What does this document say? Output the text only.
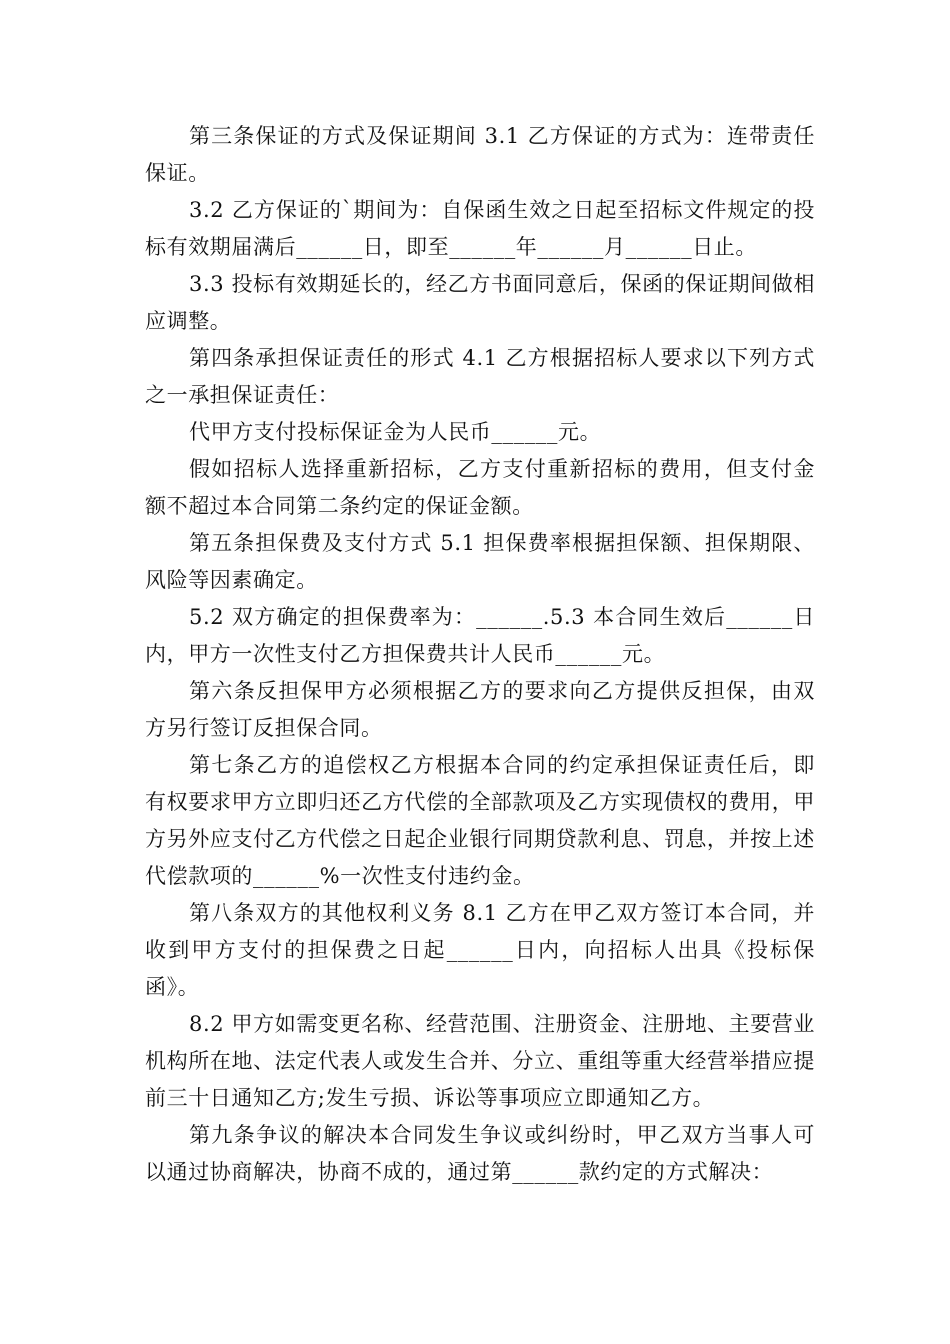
第三条保证的方式及保证期间 3.1 乙方保证的方式为：连带责任保证。

3.2 乙方保证的`期间为：自保函生效之日起至招标文件规定的投标有效期届满后______日，即至______年______月______日止。

3.3 投标有效期延长的，经乙方书面同意后，保函的保证期间做相应调整。

第四条承担保证责任的形式 4.1 乙方根据招标人要求以下列方式之一承担保证责任：

代甲方支付投标保证金为人民币______元。

假如招标人选择重新招标，乙方支付重新招标的费用，但支付金额不超过本合同第二条约定的保证金额。

第五条担保费及支付方式 5.1 担保费率根据担保额、担保期限、风险等因素确定。

5.2 双方确定的担保费率为：______.5.3 本合同生效后______日内，甲方一次性支付乙方担保费共计人民币______元。

第六条反担保甲方必须根据乙方的要求向乙方提供反担保，由双方另行签订反担保合同。

第七条乙方的追偿权乙方根据本合同的约定承担保证责任后，即有权要求甲方立即归还乙方代偿的全部款项及乙方实现债权的费用，甲方另外应支付乙方代偿之日起企业银行同期贷款利息、罚息，并按上述代偿款项的______%一次性支付违约金。

第八条双方的其他权利义务 8.1 乙方在甲乙双方签订本合同，并收到甲方支付的担保费之日起______日内，向招标人出具《投标保函》。

8.2 甲方如需变更名称、经营范围、注册资金、注册地、主要营业机构所在地、法定代表人或发生合并、分立、重组等重大经营举措应提前三十日通知乙方;发生亏损、诉讼等事项应立即通知乙方。

第九条争议的解决本合同发生争议或纠纷时，甲乙双方当事人可以通过协商解决，协商不成的，通过第______款约定的方式解决：
